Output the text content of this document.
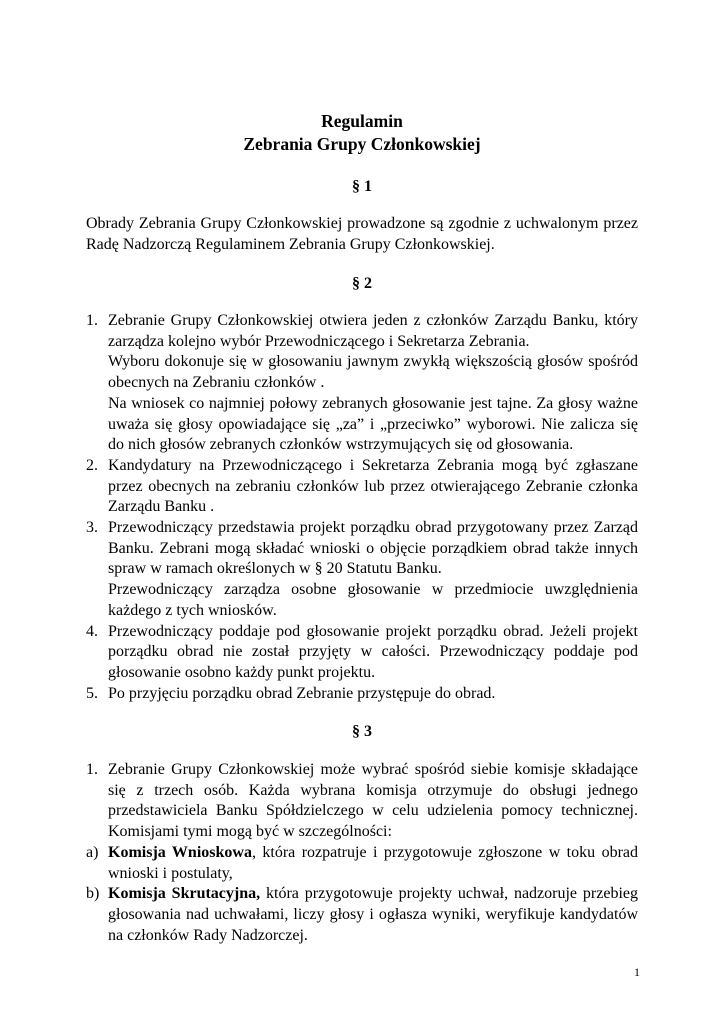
Regulamin
Zebrania Grupy Członkowskiej
§ 1
Obrady Zebrania Grupy Członkowskiej prowadzone są zgodnie z uchwalonym przez Radę Nadzorczą Regulaminem Zebrania Grupy Członkowskiej.
§ 2
1. Zebranie Grupy Członkowskiej otwiera jeden z członków Zarządu Banku, który zarządza kolejno wybór Przewodniczącego i Sekretarza Zebrania.

Wyboru dokonuje się w głosowaniu jawnym zwykłą większością głosów spośród obecnych na Zebraniu członków .

Na wniosek co najmniej połowy zebranych głosowanie jest tajne. Za głosy ważne uważa się głosy opowiadające się „za” i „przeciwko” wyborowi. Nie zalicza się do nich głosów zebranych członków wstrzymujących się od głosowania.

2. Kandydatury na Przewodniczącego i Sekretarza Zebrania mogą być zgłaszane przez obecnych na zebraniu członków lub przez otwierającego Zebranie członka Zarządu Banku .

3. Przewodniczący przedstawia projekt porządku obrad przygotowany przez Zarząd Banku. Zebrani mogą składać wnioski o objęcie porządkiem obrad także innych spraw w ramach określonych w § 20 Statutu Banku.

Przewodniczący zarządza osobne głosowanie w przedmiocie uwzględnienia każdego z tych wniosków.

4. Przewodniczący poddaje pod głosowanie projekt porządku obrad. Jeżeli projekt porządku obrad nie został przyjęty w całości. Przewodniczący poddaje pod głosowanie osobno każdy punkt projektu.

5. Po przyjęciu porządku obrad Zebranie przystępuje do obrad.

§ 3
1. Zebranie Grupy Członkowskiej może wybrać spośród siebie komisje składające się z trzech osób. Każda wybrana komisja otrzymuje do obsługi jednego przedstawiciela Banku Spółdzielczego w celu udzielenia pomocy technicznej. Komisjami tymi mogą być w szczególności:
a) Komisja Wnioskowa, która rozpatruje i przygotowuje zgłoszone w toku obrad wnioski i postulaty,
b) Komisja Skrutacyjna, która przygotowuje projekty uchwał, nadzoruje przebieg głosowania nad uchwałami, liczy głosy i ogłasza wyniki, weryfikuje kandydatów na członków Rady Nadzorczej.
1
